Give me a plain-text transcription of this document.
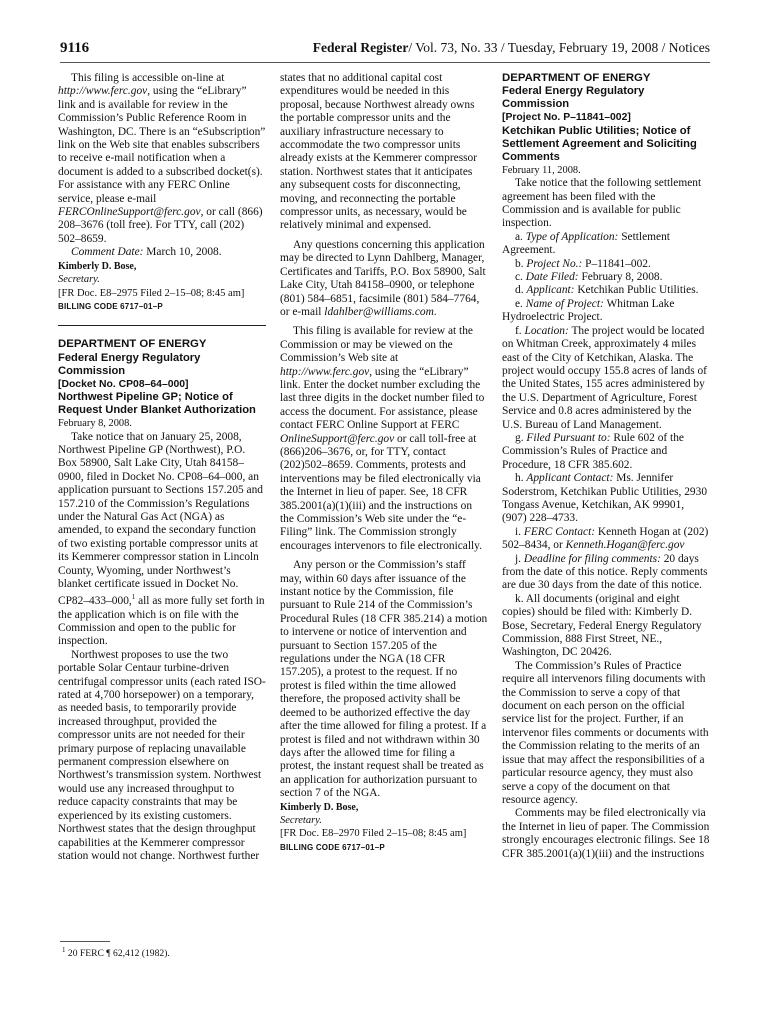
9116	Federal Register/ Vol. 73, No. 33 / Tuesday, February 19, 2008 / Notices

This filing is accessible on-line at http://www.ferc.gov, using the “eLibrary” link and is available for review in the Commission’s Public Reference Room in Washington, DC. There is an “eSubscription” link on the Web site that enables subscribers to receive e-mail notification when a document is added to a subscribed docket(s). For assistance with any FERC Online service, please e-mail FERCOnlineSupport@ferc.gov, or call (866) 208–3676 (toll free). For TTY, call (202) 502–8659.

Comment Date: March 10, 2008.

Kimberly D. Bose,

Secretary.

[FR Doc. E8–2975 Filed 2–15–08; 8:45 am]

BILLING CODE 6717–01–P

DEPARTMENT OF ENERGY

Federal Energy Regulatory Commission

[Docket No. CP08–64–000]

Northwest Pipeline GP; Notice of Request Under Blanket Authorization

February 8, 2008.

Take notice that on January 25, 2008, Northwest Pipeline GP (Northwest), P.O. Box 58900, Salt Lake City, Utah 84158–0900, filed in Docket No. CP08–64–000, an application pursuant to Sections 157.205 and 157.210 of the Commission’s Regulations under the Natural Gas Act (NGA) as amended, to expand the secondary function of two existing portable compressor units at its Kemmerer compressor station in Lincoln County, Wyoming, under Northwest’s blanket certificate issued in Docket No. CP82–433–000,$^1$ all as more fully set forth in the application which is on file with the Commission and open to the public for inspection.

Northwest proposes to use the two portable Solar Centaur turbine-driven centrifugal compressor units (each rated ISO-rated at 4,700 horsepower) on a temporary, as needed basis, to temporarily provide increased throughput, provided the compressor units are not needed for their primary purpose of replacing unavailable permanent compression elsewhere on Northwest’s transmission system. Northwest would use any increased throughput to reduce capacity constraints that may be experienced by its existing customers. Northwest states that the design throughput capabilities at the Kemmerer compressor station would not change. Northwest further

$^1$ 20 FERC ¶ 62,412 (1982).

states that no additional capital cost expenditures would be needed in this proposal, because Northwest already owns the portable compressor units and the auxiliary infrastructure necessary to accommodate the two compressor units already exists at the Kemmerer compressor station. Northwest states that it anticipates any subsequent costs for disconnecting, moving, and reconnecting the portable compressor units, as necessary, would be relatively minimal and expensed.

Any questions concerning this application may be directed to Lynn Dahlberg, Manager, Certificates and Tariffs, P.O. Box 58900, Salt Lake City, Utah 84158–0900, or telephone (801) 584–6851, facsimile (801) 584–7764, or e-mail ldahlber@williams.com.

This filing is available for review at the Commission or may be viewed on the Commission’s Web site at http://www.ferc.gov, using the “eLibrary” link. Enter the docket number excluding the last three digits in the docket number filed to access the document. For assistance, please contact FERC Online Support at FERC OnlineSupport@ferc.gov or call toll-free at (866)206–3676, or, for TTY, contact (202)502–8659. Comments, protests and interventions may be filed electronically via the Internet in lieu of paper. See, 18 CFR 385.2001(a)(1)(iii) and the instructions on the Commission’s Web site under the “e-Filing” link. The Commission strongly encourages intervenors to file electronically.

Any person or the Commission’s staff may, within 60 days after issuance of the instant notice by the Commission, file pursuant to Rule 214 of the Commission’s Procedural Rules (18 CFR 385.214) a motion to intervene or notice of intervention and pursuant to Section 157.205 of the regulations under the NGA (18 CFR 157.205), a protest to the request. If no protest is filed within the time allowed therefore, the proposed activity shall be deemed to be authorized effective the day after the time allowed for filing a protest. If a protest is filed and not withdrawn within 30 days after the allowed time for filing a protest, the instant request shall be treated as an application for authorization pursuant to section 7 of the NGA.

Kimberly D. Bose,

Secretary.

[FR Doc. E8–2970 Filed 2–15–08; 8:45 am]

BILLING CODE 6717–01–P

DEPARTMENT OF ENERGY

Federal Energy Regulatory Commission

[Project No. P–11841–002]

Ketchikan Public Utilities; Notice of Settlement Agreement and Soliciting Comments

February 11, 2008.

Take notice that the following settlement agreement has been filed with the Commission and is available for public inspection.

a. Type of Application: Settlement Agreement.

b. Project No.: P–11841–002.

c. Date Filed: February 8, 2008.

d. Applicant: Ketchikan Public Utilities.

e. Name of Project: Whitman Lake Hydroelectric Project.

f. Location: The project would be located on Whitman Creek, approximately 4 miles east of the City of Ketchikan, Alaska. The project would occupy 155.8 acres of lands of the United States, 155 acres administered by the U.S. Department of Agriculture, Forest Service and 0.8 acres administered by the U.S. Bureau of Land Management.

g. Filed Pursuant to: Rule 602 of the Commission’s Rules of Practice and Procedure, 18 CFR 385.602.

h. Applicant Contact: Ms. Jennifer Soderstrom, Ketchikan Public Utilities, 2930 Tongass Avenue, Ketchikan, AK 99901, (907) 228–4733.

i. FERC Contact: Kenneth Hogan at (202) 502–8434, or Kenneth.Hogan@ferc.gov

j. Deadline for filing comments: 20 days from the date of this notice. Reply comments are due 30 days from the date of this notice.

k. All documents (original and eight copies) should be filed with: Kimberly D. Bose, Secretary, Federal Energy Regulatory Commission, 888 First Street, NE., Washington, DC 20426.

The Commission’s Rules of Practice require all intervenors filing documents with the Commission to serve a copy of that document on each person on the official service list for the project. Further, if an intervenor files comments or documents with the Commission relating to the merits of an issue that may affect the responsibilities of a particular resource agency, they must also serve a copy of the document on that resource agency.

Comments may be filed electronically via the Internet in lieu of paper. The Commission strongly encourages electronic filings. See 18 CFR 385.2001(a)(1)(iii) and the instructions
